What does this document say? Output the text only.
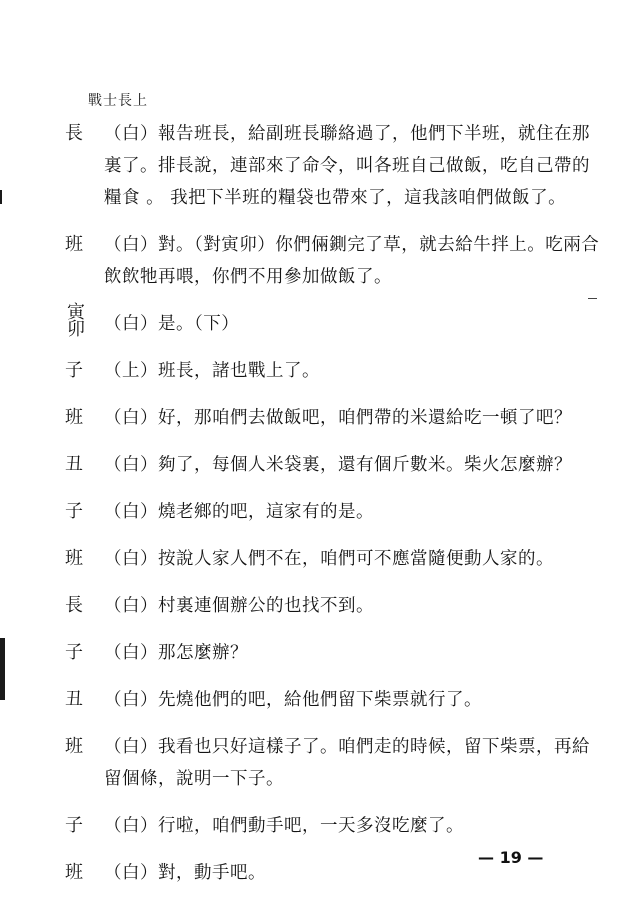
戰士長上
長 （白）報告班長，給副班長聯絡過了，他們下半班，就住在那裏了。排長說，連部來了命令，叫各班自己做飯，吃自己帶的糧食 。 我把下半班的糧袋也帶來了，這我該咱們做飯了。
班 （白）對。（對寅卯）你們倆鍘完了草，就去給牛拌上。吃兩合飲飲牠再喂，你們不用參加做飯了。
寅卯 （白）是。（下）
子 （上）班長，諸也戰上了。
班 （白）好，那咱們去做飯吧，咱們帶的米還給吃一頓了吧？
丑 （白）夠了，每個人米袋裏，還有個斤數米。柴火怎麼辦？
子 （白）燒老鄉的吧，這家有的是。
班 （白）按說人家人們不在，咱們可不應當隨便動人家的。
長 （白）村裏連個辦公的也找不到。
子 （白）那怎麼辦？
丑 （白）先燒他們的吧，給他們留下柴票就行了。
班 （白）我看也只好這樣子了。咱們走的時候，留下柴票，再給留個條，說明一下子。
子 （白）行啦，咱們動手吧，一天多沒吃麼了。
班 （白）對，動手吧。
— 19 —
